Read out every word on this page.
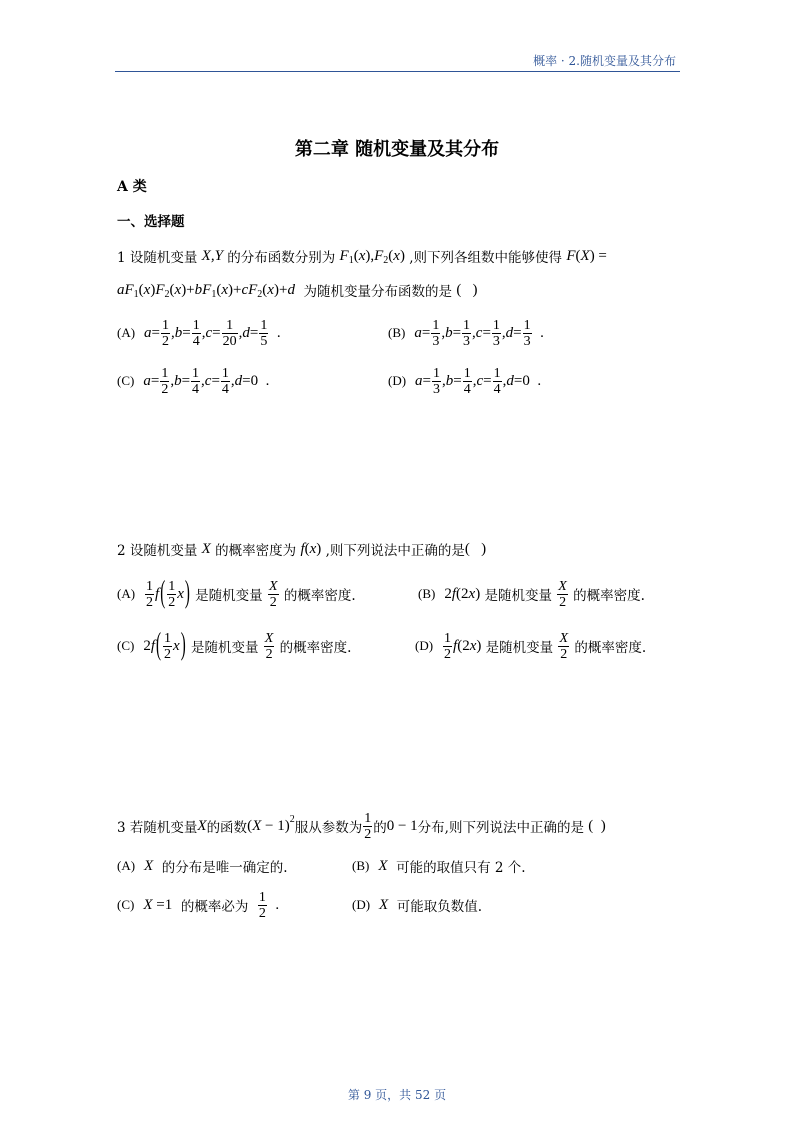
概率 · 2.随机变量及其分布
第二章 随机变量及其分布
A 类
一、选择题
1 设随机变量 X,Y 的分布函数分别为 F 1 ( x ), F 2 ( x ) ,则下列各组数中能够使得 F ( X ) =
aF 1 ( x ) F 2 ( x )+ bF 1 ( x )+ cF 2 ( x )+ d 为随机变量分布函数的是 (   )
(A) $a = \frac{1}{2}$ , $b = \frac{1}{4}$ , $c = \frac{1}{20}$ , $d = \frac{1}{5}$ .	(B) $a = \frac{1}{3}$ , $b = \frac{1}{3}$ , $c = \frac{1}{3}$ , $d = \frac{1}{3}$ .
(C) $a = \frac{1}{2}$ , $b = \frac{1}{4}$ , $c = \frac{1}{4}$ , d =0  .	(D) $a = \frac{1}{3}$ , $b = \frac{1}{4}$ , $c = \frac{1}{4}$ , d =0  .
2 设随机变量 X 的概率密度为 f ( x ) ,则下列说法中正确的是 (   )
$(A) \frac{1}{2}$ f ( $\frac{1}{2}$ x ) 是随机变量 $\frac{X}{2}$ 的概率密度.	(B) 2 f (2 x ) 是随机变量 $\frac{X}{2}$ 的概率密度.
(C) 2 f ( $\frac{1}{2}$ x ) 是随机变量 $\frac{X}{2}$ 的概率密度.	$(D) \frac{1}{2}$ f (2 x ) 是随机变量 $\frac{X}{2}$ 的概率密度.
3 若随机变量 X 的函数 ( X − 1) 2
服从参数为 $\frac{1}{2}$ 的 0 − 1 分布,则下列说法中正确的是 (  )
(A) X 的分布是唯一确定的.	(B) X 可能的取值只有 2 个.
(C) X =1 的概率必为 $\frac{1}{2}$ .	(D) X 可能取负数值.
第 9 页，共 52 页
